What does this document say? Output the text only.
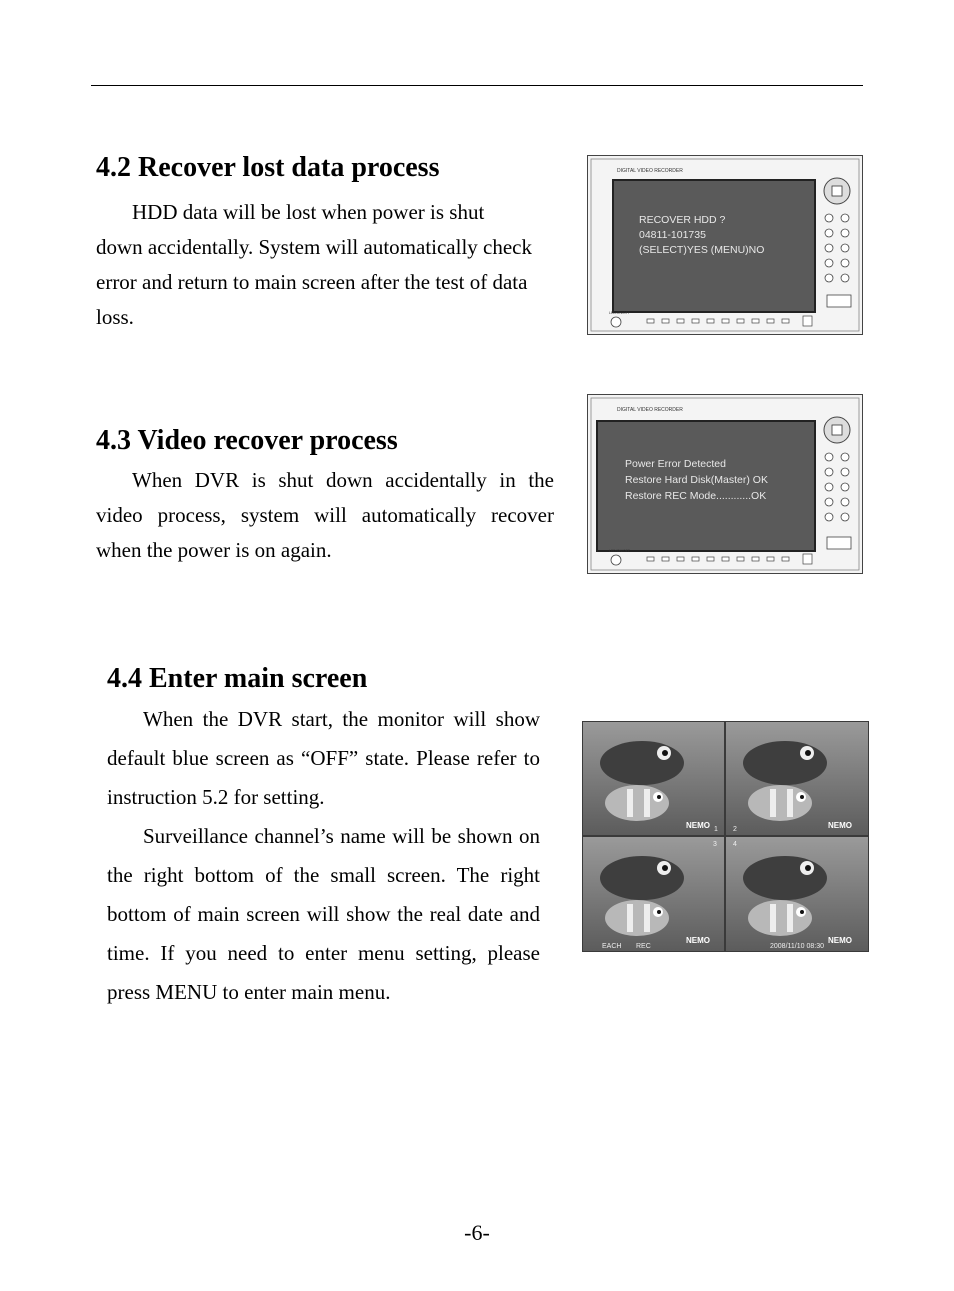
4.2 Recover lost data process

HDD data will be lost when power is shut down accidentally. System will automatically check error and return to main screen after the test of data loss.

DIGITAL VIDEO RECORDER
RECOVER HDD ?
04811-101735
(SELECT)YES (MENU)NO
LED/ON/OFF
4.3 Video recover process

When DVR is shut down accidentally in the video process, system will automatically recover when the power is on again.

DIGITAL VIDEO RECORDER
Power Error Detected
Restore Hard Disk(Master) OK
Restore REC Mode............OK
LED/ON/OFF
4.4 Enter main screen

When the DVR start, the monitor will show default blue screen as “OFF” state. Please refer to instruction 5.2 for setting.

Surveillance channel’s name will be shown on the right bottom of the small screen. The right bottom of main screen will show the real date and time. If you need to enter menu setting, please press MENU to enter main menu.

NEMO	NEMO
NEMO	NEMO
1 2
3 4
EACH REC	2008/11/10 08:30
-6-
